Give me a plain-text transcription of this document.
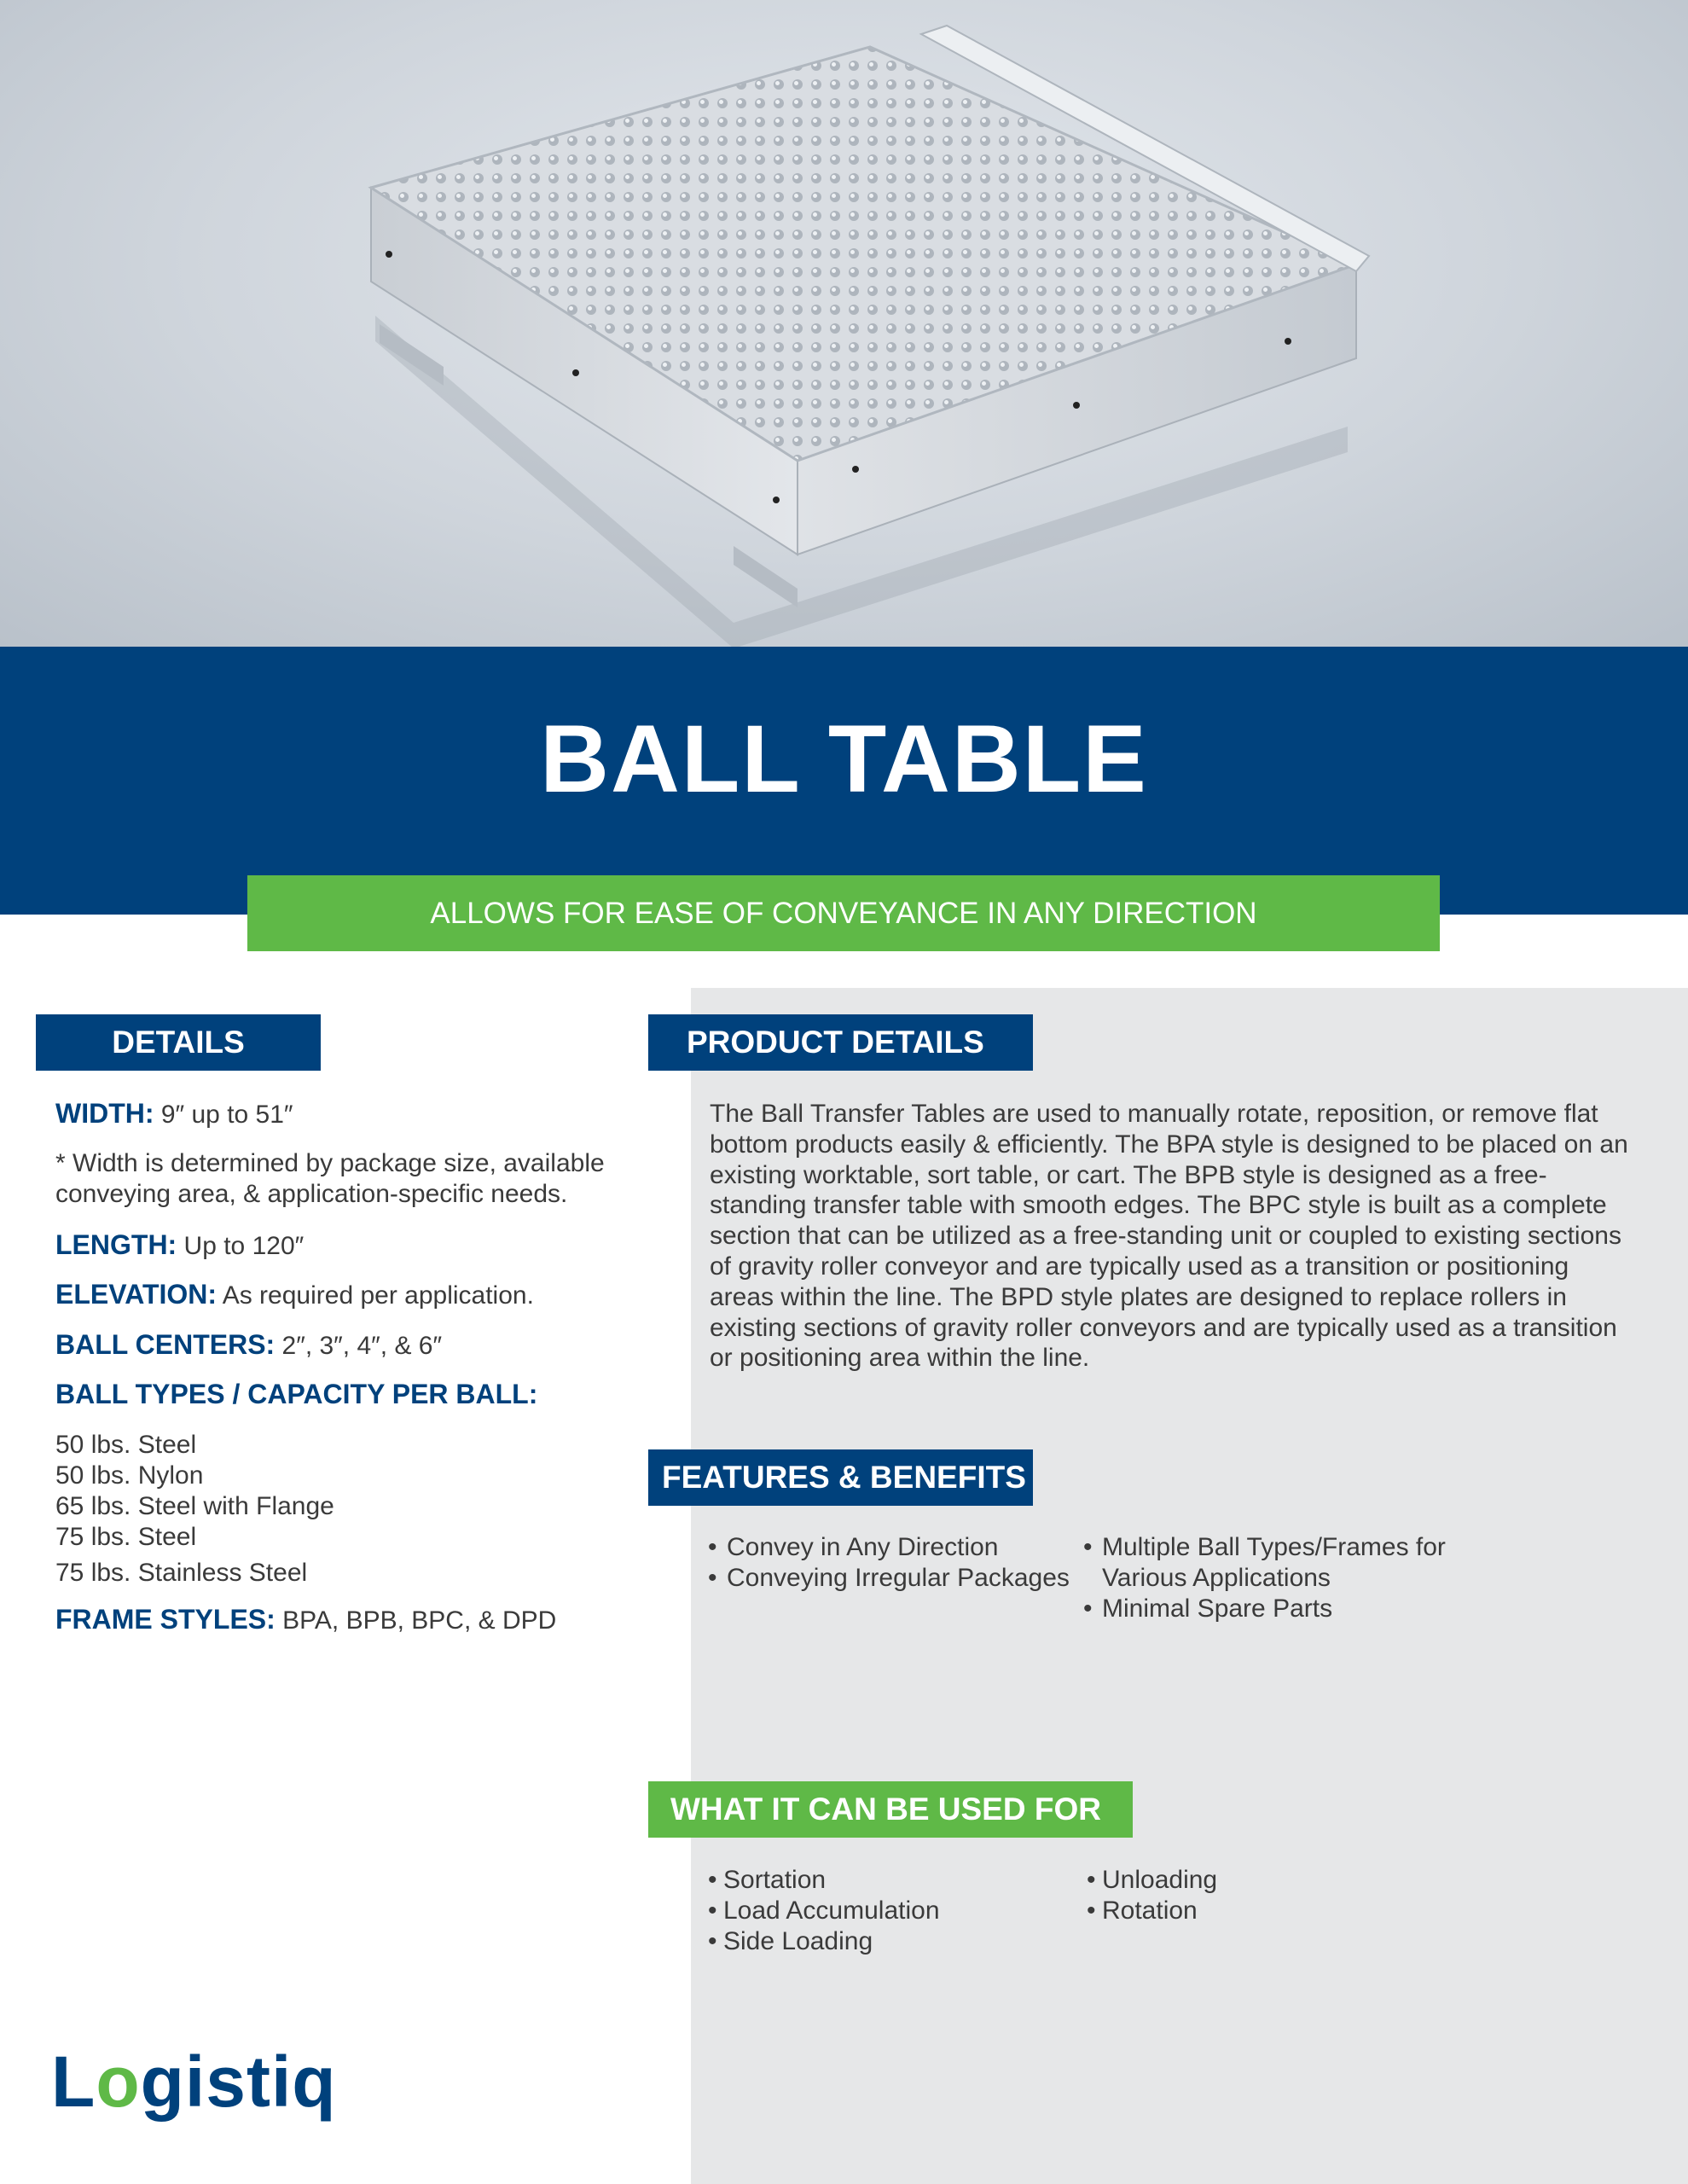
BALL TABLE
ALLOWS FOR EASE OF CONVEYANCE IN ANY DIRECTION
DETAILS	PRODUCT DETAILS
FEATURES & BENEFITS
WHAT IT CAN BE USED FOR
WIDTH: 9″ up to 51″
* Width is determined by package size, available conveying area, & application-specific needs.
LENGTH: Up to 120″
ELEVATION: As required per application.
BALL CENTERS: 2″, 3″, 4″, & 6″
BALL TYPES / CAPACITY PER BALL:
50 lbs. Steel
50 lbs. Nylon
65 lbs. Steel with Flange
75 lbs. Steel
75 lbs. Stainless Steel
FRAME STYLES: BPA, BPB, BPC, & DPD
The Ball Transfer Tables are used to manually rotate, reposition, or remove flat bottom products easily & efficiently. The BPA style is designed to be placed on an existing worktable, sort table, or cart. The BPB style is designed as a free-standing transfer table with smooth edges. The BPC style is built as a complete section that can be utilized as a free-standing unit or coupled to existing sections of gravity roller conveyor and are typically used as a transition or positioning areas within the line. The BPD style plates are designed to replace rollers in existing sections of gravity roller conveyors and are typically used as a transition or positioning area within the line.
• Convey in Any Direction
• Conveying Irregular Packages
• Multiple Ball Types/Frames for Various Applications
• Minimal Spare Parts
• Sortation
• Load Accumulation
• Side Loading
• Unloading
• Rotation
Logistiq
